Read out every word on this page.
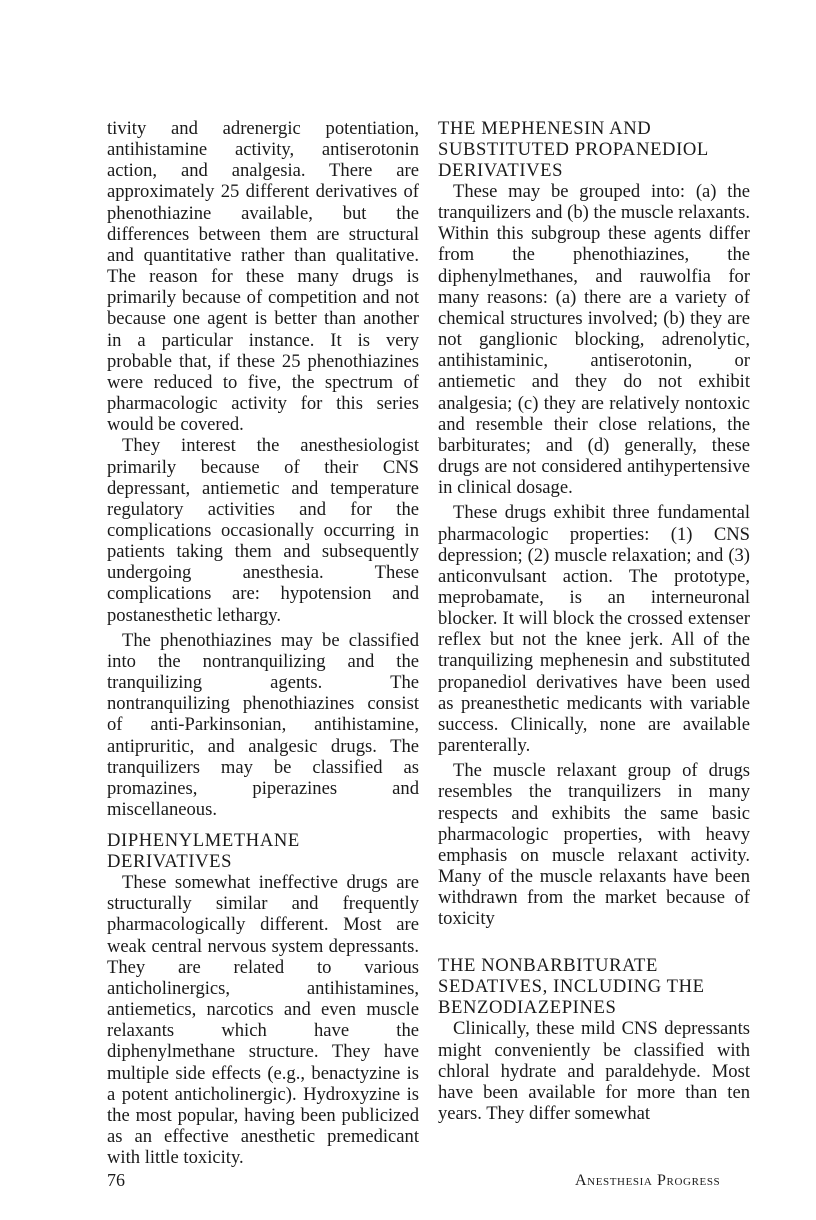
tivity and adrenergic potentiation, antihistamine activity, antiserotonin action, and analgesia. There are approximately 25 different derivatives of phenothiazine available, but the differences between them are structural and quantitative rather than qualitative. The reason for these many drugs is primarily because of competition and not because one agent is better than another in a particular instance. It is very probable that, if these 25 phenothiazines were reduced to five, the spectrum of pharmacologic activity for this series would be covered.

They interest the anesthesiologist primarily because of their CNS depressant, antiemetic and temperature regulatory activities and for the complications occasionally occurring in patients taking them and subsequently undergoing anesthesia. These complications are: hypotension and postanesthetic lethargy.

The phenothiazines may be classified into the nontranquilizing and the tranquilizing agents. The nontranquilizing phenothiazines consist of anti-Parkinsonian, antihistamine, antipruritic, and analgesic drugs. The tranquilizers may be classified as promazines, piperazines and miscellaneous.

DIPHENYLMETHANE DERIVATIVES

These somewhat ineffective drugs are structurally similar and frequently pharmacologically different. Most are weak central nervous system depressants. They are related to various anticholinergics, antihistamines, antiemetics, narcotics and even muscle relaxants which have the diphenylmethane structure. They have multiple side effects (e.g., benactyzine is a potent anticholinergic). Hydroxyzine is the most popular, having been publicized as an effective anesthetic premedicant with little toxicity.

THE MEPHENESIN AND SUBSTITUTED PROPANEDIOL DERIVATIVES

These may be grouped into: (a) the tranquilizers and (b) the muscle relaxants. Within this subgroup these agents differ from the phenothiazines, the diphenylmethanes, and rauwolfia for many reasons: (a) there are a variety of chemical structures involved; (b) they are not ganglionic blocking, adrenolytic, antihistaminic, antiserotonin, or antiemetic and they do not exhibit analgesia; (c) they are relatively nontoxic and resemble their close relations, the barbiturates; and (d) generally, these drugs are not considered antihypertensive in clinical dosage.

These drugs exhibit three fundamental pharmacologic properties: (1) CNS depression; (2) muscle relaxation; and (3) anticonvulsant action. The prototype, meprobamate, is an interneuronal blocker. It will block the crossed extenser reflex but not the knee jerk. All of the tranquilizing mephenesin and substituted propanediol derivatives have been used as preanesthetic medicants with variable success. Clinically, none are available parenterally.

The muscle relaxant group of drugs resembles the tranquilizers in many respects and exhibits the same basic pharmacologic properties, with heavy emphasis on muscle relaxant activity. Many of the muscle relaxants have been withdrawn from the market because of toxicity

THE NONBARBITURATE SEDATIVES, INCLUDING THE BENZODIAZEPINES

Clinically, these mild CNS depressants might conveniently be classified with chloral hydrate and paraldehyde. Most have been available for more than ten years. They differ somewhat

76	Anesthesia Progress
